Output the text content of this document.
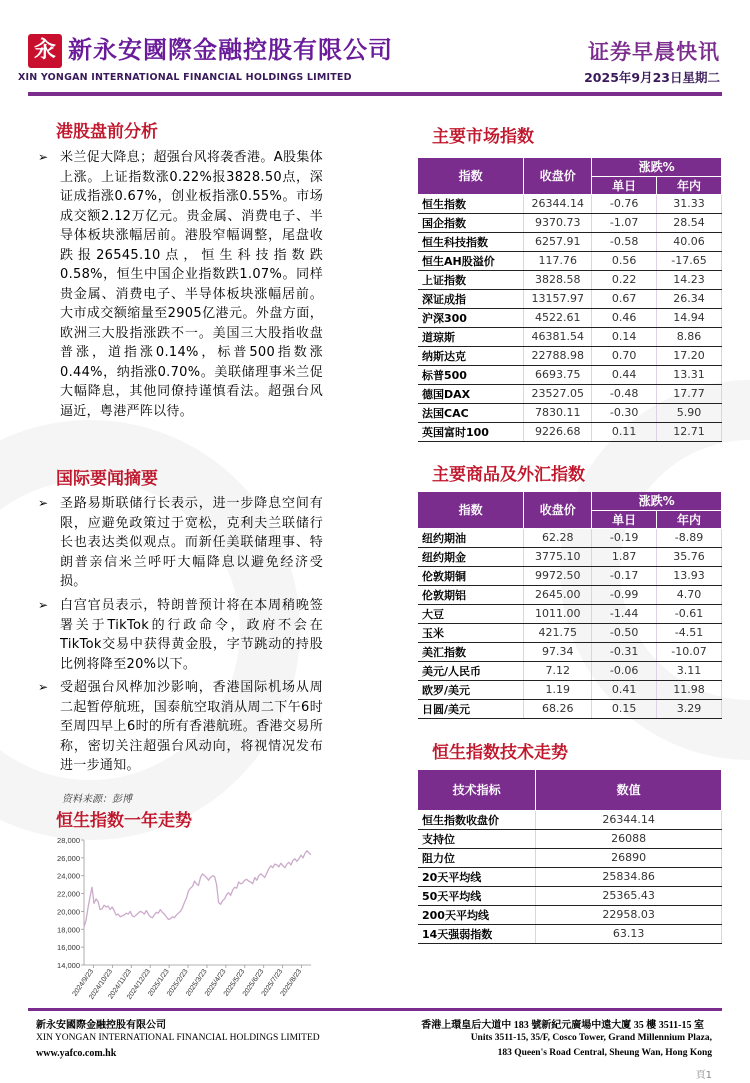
汆 新永安國際金融控股有限公司
XIN YONGAN INTERNATIONAL FINANCIAL HOLDINGS LIMITED
证券早晨快讯
2025年9月23日星期二
港股盘前分析
➢ 米兰促大降息；超强台风将袭香港。A股集体上涨。上证指数涨0.22%报3828.50点，深证成指涨0.67%，创业板指涨0.55%。市场成交额2.12万亿元。贵金属、消费电子、半导体板块涨幅居前。港股窄幅调整，尾盘收跌报26545.10点，恒生科技指数跌0.58%，恒生中国企业指数跌1.07%。同样贵金属、消费电子、半导体板块涨幅居前。大市成交额缩量至2905亿港元。外盘方面，欧洲三大股指涨跌不一。美国三大股指收盘普涨，道指涨0.14%，标普500指数涨0.44%，纳指涨0.70%。美联储理事米兰促大幅降息，其他同僚持谨慎看法。超强台风逼近，粤港严阵以待。
国际要闻摘要
➢ 圣路易斯联储行长表示，进一步降息空间有限，应避免政策过于宽松，克利夫兰联储行长也表达类似观点。而新任美联储理事、特朗普亲信米兰呼吁大幅降息以避免经济受损。
➢ 白宫官员表示，特朗普预计将在本周稍晚签署关于TikTok的行政命令，政府不会在TikTok交易中获得黄金股，字节跳动的持股比例将降至20%以下。
➢ 受超强台风桦加沙影响，香港国际机场从周二起暂停航班，国泰航空取消从周二下午6时至周四早上6时的所有香港航班。香港交易所称，密切关注超强台风动向，将视情况发布进一步通知。
资料来源：彭博
恒生指数一年走势
14,000
16,000
18,000
20,000
22,000
24,000
26,000
28,000
2024/9/23
2024/10/23
2024/11/23
2024/12/23
2025/1/23
2025/2/23
2025/3/23
2025/4/23
2025/5/23
2025/6/23
2025/7/23
2025/8/23
主要市场指数
指数	收盘价	涨跌%	
		单日	年内
恒生指数	26344.14	-0.76	31.33
国企指数	9370.73	-1.07	28.54
恒生科技指数	6257.91	-0.58	40.06
恒生AH股溢价	117.76	0.56	-17.65
上证指数	3828.58	0.22	14.23
深证成指	13157.97	0.67	26.34
沪深300	4522.61	0.46	14.94
道琼斯	46381.54	0.14	8.86
纳斯达克	22788.98	0.70	17.20
标普500	6693.75	0.44	13.31
德国DAX	23527.05	-0.48	17.77
法国CAC	7830.11	-0.30	5.90
英国富时100	9226.68	0.11	12.71
主要商品及外汇指数
指数	收盘价	涨跌%	
		单日	年内
纽约期油	62.28	-0.19	-8.89
纽约期金	3775.10	1.87	35.76
伦敦期铜	9972.50	-0.17	13.93
伦敦期铝	2645.00	-0.99	4.70
大豆	1011.00	-1.44	-0.61
玉米	421.75	-0.50	-4.51
美汇指数	97.34	-0.31	-10.07
美元/人民币	7.12	-0.06	3.11
欧罗/美元	1.19	0.41	11.98
日圆/美元	68.26	0.15	3.29
恒生指数技术走势
技术指标	数值
恒生指数收盘价	26344.14
支持位	26088
阻力位	26890
20天平均线	25834.86
50天平均线	25365.43
200天平均线	22958.03
14天强弱指数	63.13
新永安國際金融控股有限公司
XIN YONGAN INTERNATIONAL FINANCIAL HOLDINGS LIMITED
www.yafco.com.hk
香港上環皇后大道中 183 號新紀元廣場中遠大廈 35 樓 3511-15 室
Units 3511-15, 35/F, Cosco Tower, Grand Millennium Plaza,
183 Queen's Road Central, Sheung Wan, Hong Kong
頁1
